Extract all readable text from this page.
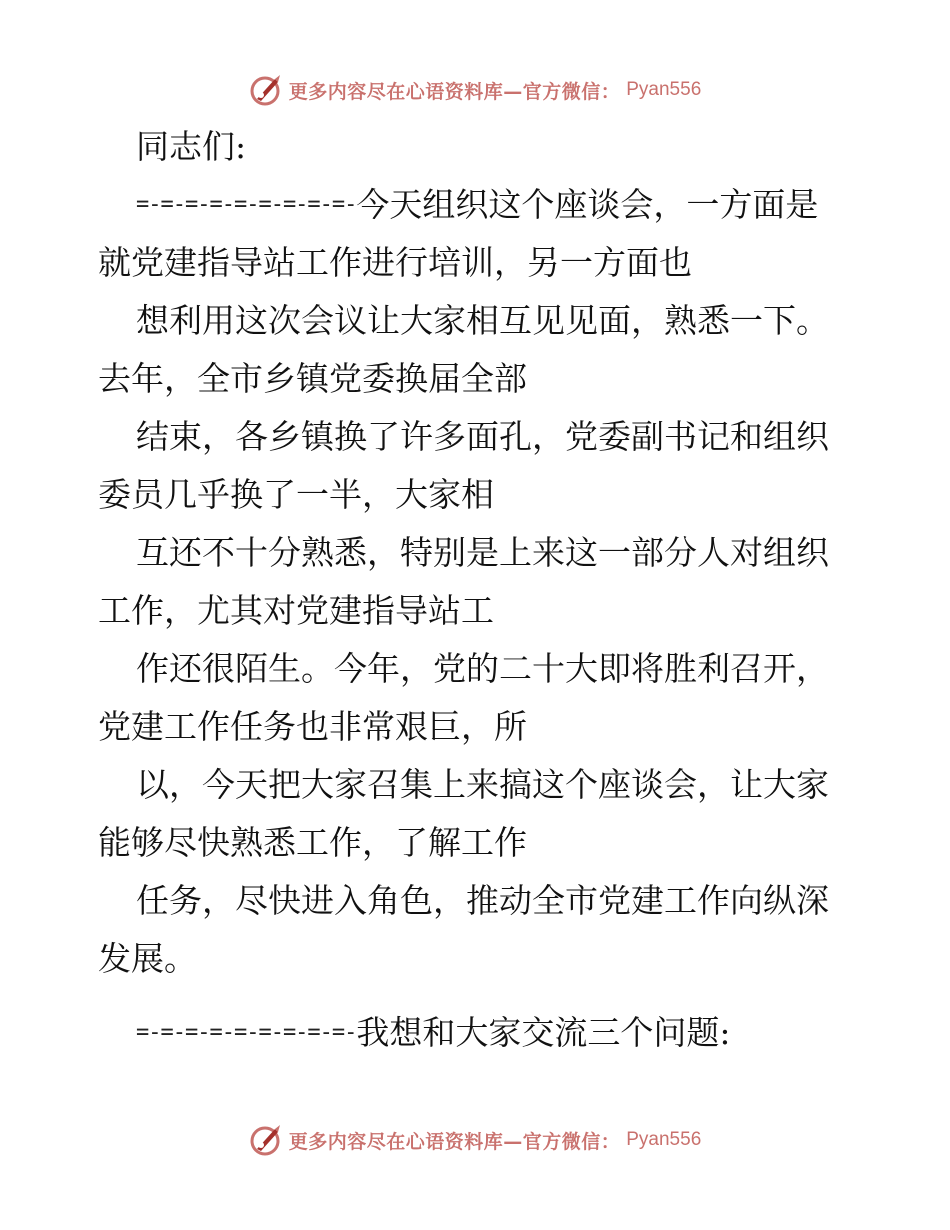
更多内容尽在心语资料库—官方微信： Pyan556
同志们:
=-=-=-=-=-=-=-=-=-今天组织这个座谈会，一方面是
就党建指导站工作进行培训，另一方面也
想利用这次会议让大家相互见见面，熟悉一下。
去年，全市乡镇党委换届全部
结束，各乡镇换了许多面孔，党委副书记和组织
委员几乎换了一半，大家相
互还不十分熟悉，特别是上来这一部分人对组织
工作，尤其对党建指导站工
作还很陌生。今年，党的二十大即将胜利召开，
党建工作任务也非常艰巨，所
以，今天把大家召集上来搞这个座谈会，让大家
能够尽快熟悉工作，了解工作
任务，尽快进入角色，推动全市党建工作向纵深
发展。
=-=-=-=-=-=-=-=-=-我想和大家交流三个问题:
更多内容尽在心语资料库—官方微信： Pyan556
